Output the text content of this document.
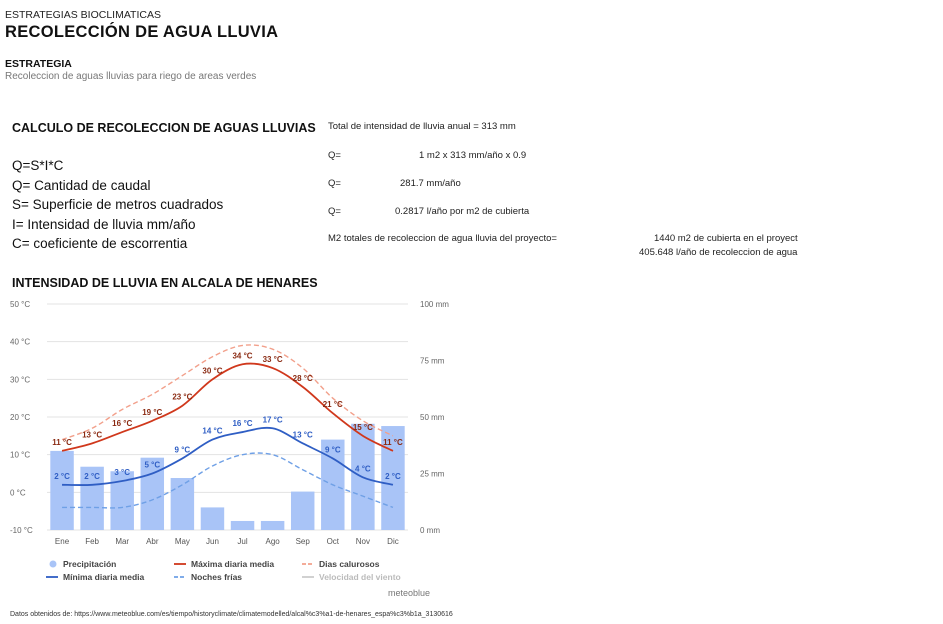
ESTRATEGIAS BIOCLIMATICAS
RECOLECCIÓN DE AGUA LLUVIA
ESTRATEGIA
Recoleccion de aguas lluvias para riego de areas verdes
CALCULO DE RECOLECCION DE AGUAS LLUVIAS
Q=S*I*C
Q= Cantidad de caudal
S= Superficie de metros cuadrados
I= Intensidad de lluvia mm/año
C= coeficiente de escorrentia
Total de intensidad de lluvia anual = 313 mm
Q=	1 m2 x 313 mm/año x 0.9
Q=	281.7 mm/año
Q=	0.2817 l/año por m2 de cubierta
M2 totales de recoleccion de agua lluvia del proyecto=	1440 m2 de cubierta en el proyect
405.648 l/año de recoleccion de agua
INTENSIDAD DE LLUVIA EN ALCALA DE HENARES
11 °C
13 °C
16 °C
19 °C
23 °C
30 °C
34 °C 33 °C
28 °C
21 °C
15 °C
11 °C
2 °C 2 °C 3 °C
5 °C
9 °C
14 °C
16 °C 17 °C
13 °C
9 °C
4 °C
2 °C
50 °C
40 °C
30 °C
20 °C
10 °C
0 °C
-10 °C
100 mm
75 mm
50 mm
25 mm
0 mm
Ene Feb Mar Abr May Jun Jul Ago Sep Oct Nov Dic
Precipitación	Máxima diaria media	Dias calurosos
Mínima diaria media	Noches frías	Velocidad del viento
meteoblue
Datos obtenidos de: https://www.meteoblue.com/es/tiempo/historyclimate/climatemodelled/alcal%c3%a1-de-henares_espa%c3%b1a_3130616
